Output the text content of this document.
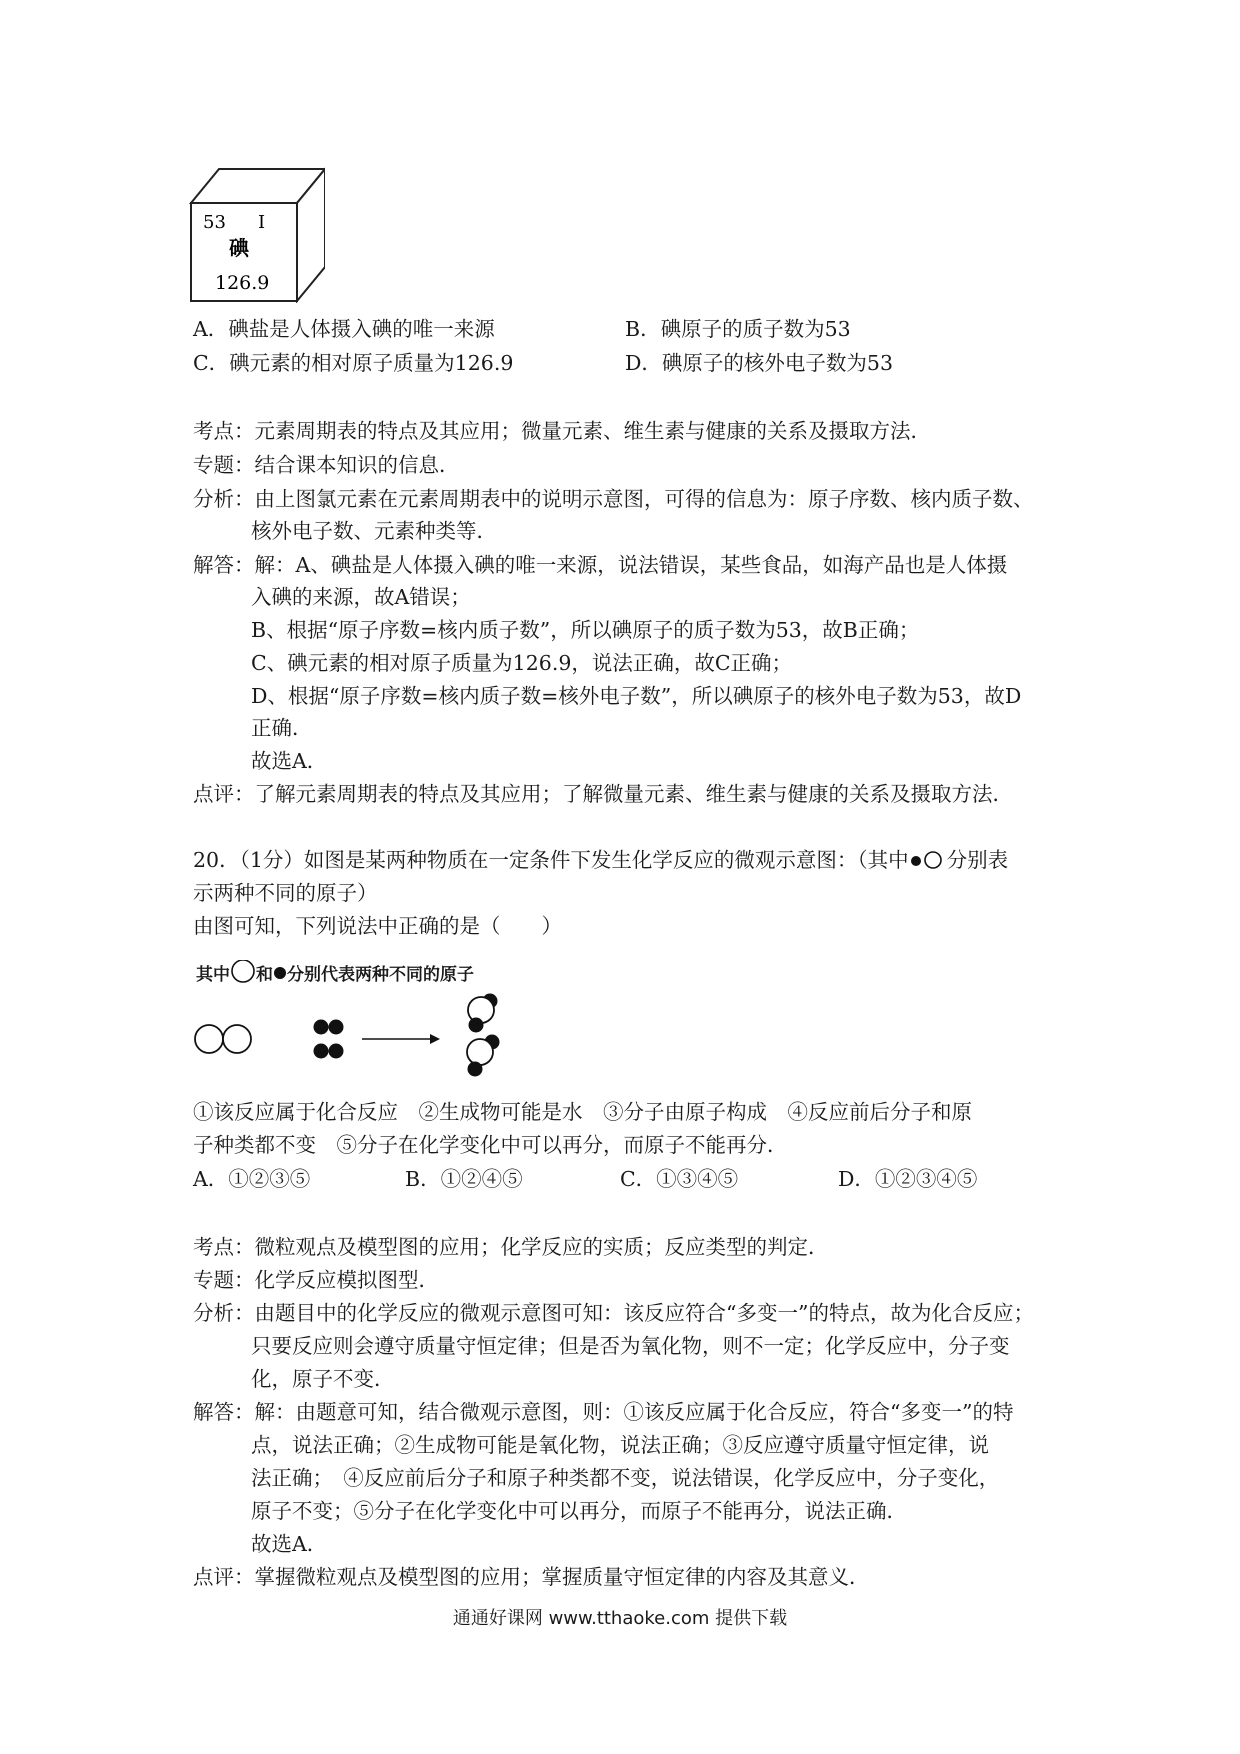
53 I
碘
126.9
A．碘盐是人体摄入碘的唯一来源	B．碘原子的质子数为53
C．碘元素的相对原子质量为126.9	D．碘原子的核外电子数为53
考点：元素周期表的特点及其应用；微量元素、维生素与健康的关系及摄取方法．
专题：结合课本知识的信息．
分析：由上图氯元素在元素周期表中的说明示意图，可得的信息为：原子序数、核内质子数、
核外电子数、元素种类等．
解答：解：A、碘盐是人体摄入碘的唯一来源，说法错误，某些食品，如海产品也是人体摄
入碘的来源，故A错误；
B、根据“原子序数=核内质子数”，所以碘原子的质子数为53，故B正确；
C、碘元素的相对原子质量为126.9，说法正确，故C正确；
D、根据“原子序数=核内质子数=核外电子数”，所以碘原子的核外电子数为53，故D
正确．
故选A．
点评：了解元素周期表的特点及其应用；了解微量元素、维生素与健康的关系及摄取方法．
20．（1分）如图是某两种物质在一定条件下发生化学反应的微观示意图：（其中 分别表
示两种不同的原子）
由图可知，下列说法中正确的是（　　）
其中 和 分别代表两种不同的原子
①该反应属于化合反应　②生成物可能是水　③分子由原子构成　④反应前后分子和原
子种类都不变　⑤分子在化学变化中可以再分，而原子不能再分．
A．①②③⑤	B．①②④⑤	C．①③④⑤	D．①②③④⑤
考点：微粒观点及模型图的应用；化学反应的实质；反应类型的判定．
专题：化学反应模拟图型．
分析：由题目中的化学反应的微观示意图可知：该反应符合“多变一”的特点，故为化合反应；
只要反应则会遵守质量守恒定律；但是否为氧化物，则不一定；化学反应中，分子变
化，原子不变．
解答：解：由题意可知，结合微观示意图，则：①该反应属于化合反应，符合“多变一”的特
点，说法正确；②生成物可能是氧化物，说法正确；③反应遵守质量守恒定律，说
法正确；　④反应前后分子和原子种类都不变，说法错误，化学反应中，分子变化，
原子不变；⑤分子在化学变化中可以再分，而原子不能再分，说法正确．
故选A．
点评：掌握微粒观点及模型图的应用；掌握质量守恒定律的内容及其意义．
通通好课网 www.tthaoke.com 提供下载
